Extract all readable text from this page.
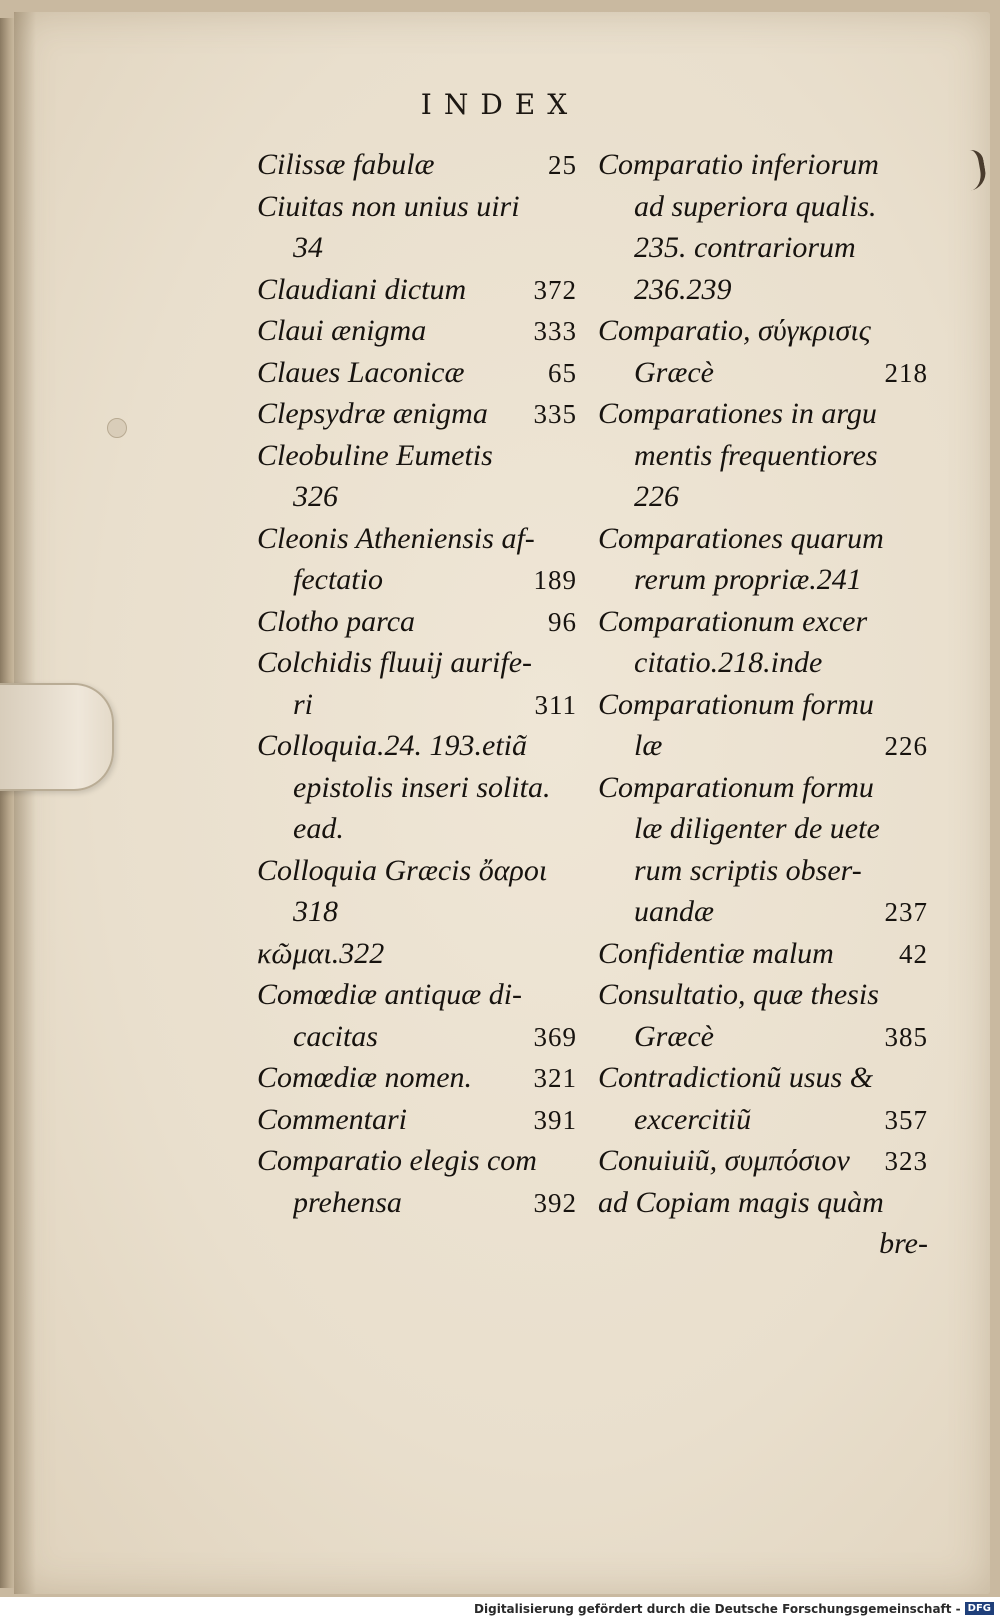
INDEX
Cilissæ fabulæ	25
Ciuitas non unius uiri
34
Claudiani dictum	372
Claui ænigma	333
Claues Laconicæ	65
Clepsydræ ænigma	335
Cleobuline Eumetis
326
Cleonis Atheniensis af-
fectatio	189
Clotho parca	96
Colchidis fluuij aurife-
ri	311
Colloquia.24. 193.etiã
epistolis inseri solita.
ead.
Colloquia Græcis ὄαροι
318
κῶμαι.322
Comœdiæ antiquæ di-
cacitas	369
Comœdiæ nomen.	321
Commentari	391
Comparatio elegis com
prehensa	392
Comparatio inferiorum
ad superiora qualis.
235. contrariorum
236.239
Comparatio, σύγκρισις
Græcè	218
Comparationes in argu
mentis frequentiores
226
Comparationes quarum
rerum propriæ.241
Comparationum excer
citatio.218.inde
Comparationum formu
læ	226
Comparationum formu
læ diligenter de uete
rum scriptis obser-
uandæ	237
Confidentiæ malum	42
Consultatio, quæ thesis
Græcè	385
Contradictionũ usus &
excercitiũ	357
Conuiuiũ, συμπόσιον	323
ad Copiam magis quàm
bre-
Digitalisierung gefördert durch die Deutsche Forschungsgemeinschaft - DFG
